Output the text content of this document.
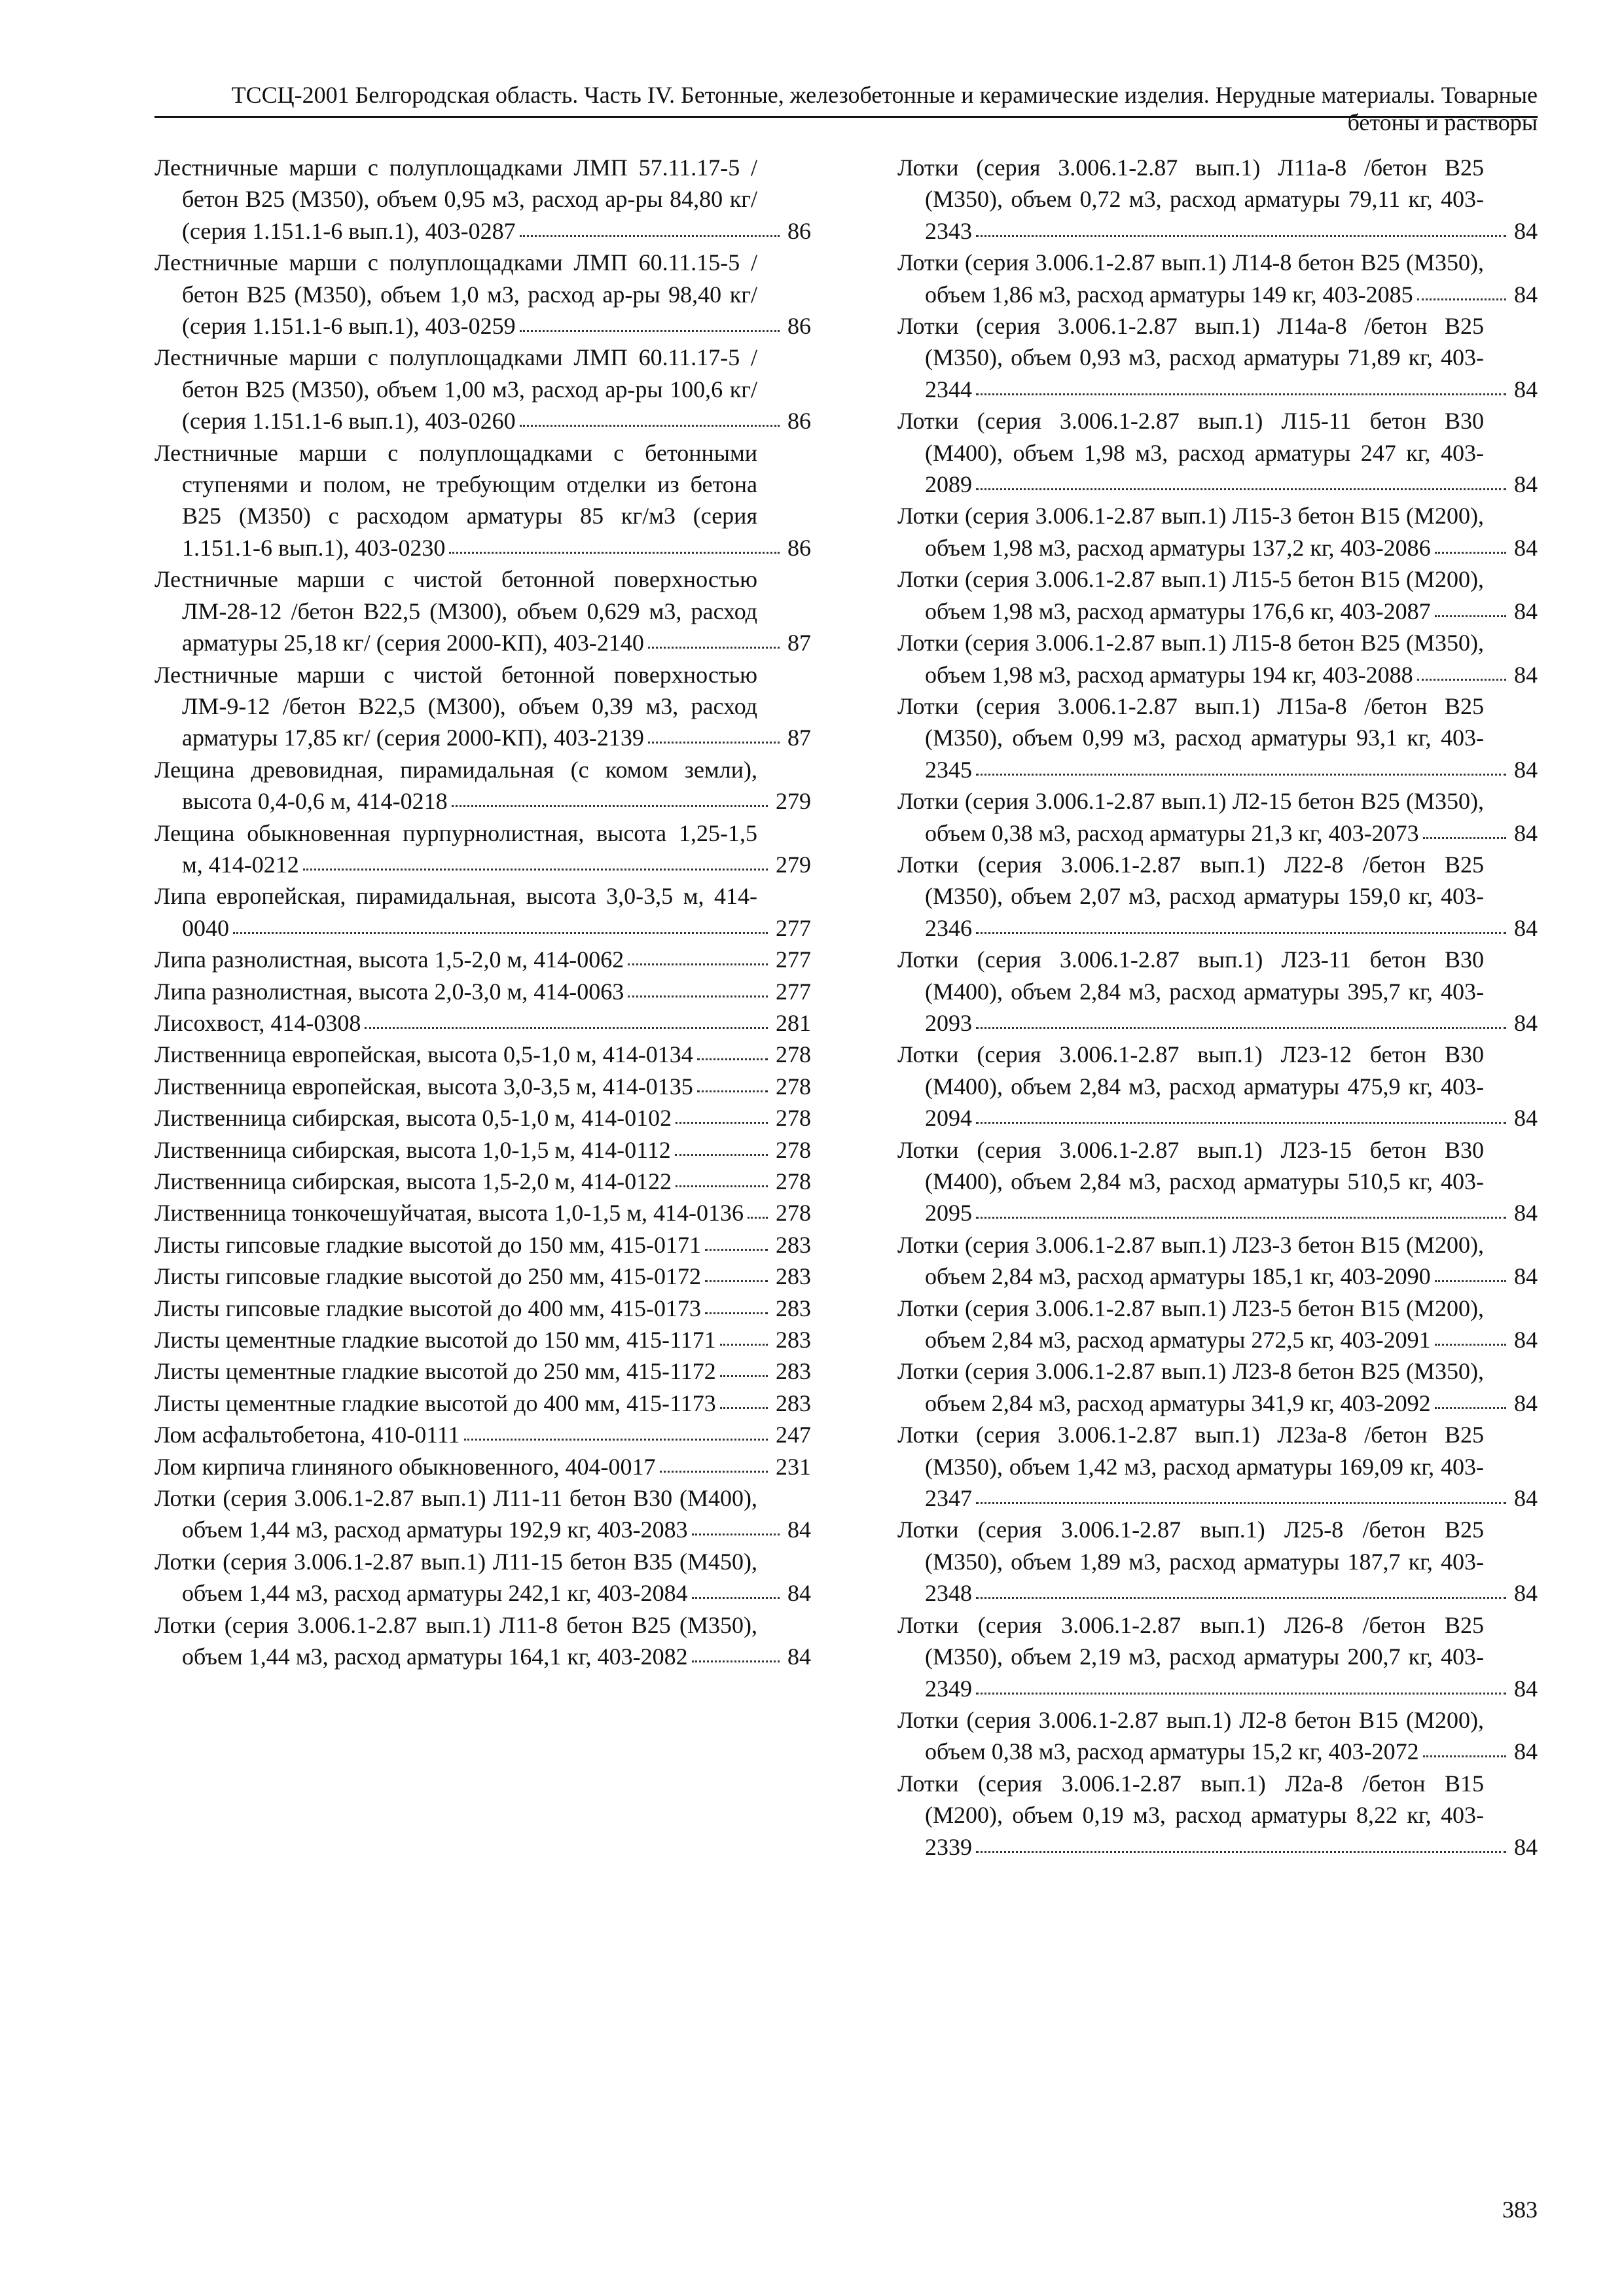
ТССЦ-2001 Белгородская область. Часть IV. Бетонные, железобетонные и керамические изделия. Нерудные материалы. Товарные бетоны и растворы
Лестничные марши с полуплощадками ЛМП 57.11.17-5 /бетон В25 (М350), объем 0,95 м3, расход ар-ры 84,80 кг/ (серия 1.151.1-6 вып.1), 403-0287	86
Лестничные марши с полуплощадками ЛМП 60.11.15-5 /бетон В25 (М350), объем 1,0 м3, расход ар-ры 98,40 кг/ (серия 1.151.1-6 вып.1), 403-0259	86
Лестничные марши с полуплощадками ЛМП 60.11.17-5 /бетон В25 (М350), объем 1,00 м3, расход ар-ры 100,6 кг/ (серия 1.151.1-6 вып.1), 403-0260	86
Лестничные марши с полуплощадками с бетонными ступенями и полом, не требующим отделки из бетона В25 (М350) с расходом арматуры 85 кг/м3 (серия 1.151.1-6 вып.1), 403-0230	86
Лестничные марши с чистой бетонной поверхностью ЛМ-28-12 /бетон В22,5 (М300), объем 0,629 м3, расход арматуры 25,18 кг/ (серия 2000-КП), 403-2140	87
Лестничные марши с чистой бетонной поверхностью ЛМ-9-12 /бетон В22,5 (М300), объем 0,39 м3, расход арматуры 17,85 кг/ (серия 2000-КП), 403-2139	87
Лещина древовидная, пирамидальная (с комом земли), высота 0,4-0,6 м, 414-0218	279
Лещина обыкновенная пурпурнолистная, высота 1,25-1,5 м, 414-0212	279
Липа европейская, пирамидальная, высота 3,0-3,5 м, 414-0040	277
Липа разнолистная, высота 1,5-2,0 м, 414-0062	277
Липа разнолистная, высота 2,0-3,0 м, 414-0063	277
Лисохвост, 414-0308	281
Лиственница европейская, высота 0,5-1,0 м, 414-0134	278
Лиственница европейская, высота 3,0-3,5 м, 414-0135	278
Лиственница сибирская, высота 0,5-1,0 м, 414-0102	278
Лиственница сибирская, высота 1,0-1,5 м, 414-0112	278
Лиственница сибирская, высота 1,5-2,0 м, 414-0122	278
Лиственница тонкочешуйчатая, высота 1,0-1,5 м, 414-0136 278
Листы гипсовые гладкие высотой до 150 мм, 415-0171	283
Листы гипсовые гладкие высотой до 250 мм, 415-0172	283
Листы гипсовые гладкие высотой до 400 мм, 415-0173	283
Листы цементные гладкие высотой до 150 мм, 415-1171	283
Листы цементные гладкие высотой до 250 мм, 415-1172	283
Листы цементные гладкие высотой до 400 мм, 415-1173	283
Лом асфальтобетона, 410-0111	247
Лом кирпича глиняного обыкновенного, 404-0017	231
Лотки (серия 3.006.1-2.87 вып.1) Л11-11 бетон В30 (М400), объем 1,44 м3, расход арматуры 192,9 кг, 403-2083	84
Лотки (серия 3.006.1-2.87 вып.1) Л11-15 бетон В35 (М450), объем 1,44 м3, расход арматуры 242,1 кг, 403-2084	84
Лотки (серия 3.006.1-2.87 вып.1) Л11-8 бетон В25 (М350), объем 1,44 м3, расход арматуры 164,1 кг, 403-2082	84
Лотки (серия 3.006.1-2.87 вып.1) Л11а-8 /бетон В25 (М350), объем 0,72 м3, расход арматуры 79,11 кг, 403-2343	84
Лотки (серия 3.006.1-2.87 вып.1) Л14-8 бетон В25 (М350), объем 1,86 м3, расход арматуры 149 кг, 403-2085	84
Лотки (серия 3.006.1-2.87 вып.1) Л14а-8 /бетон В25 (М350), объем 0,93 м3, расход арматуры 71,89 кг, 403-2344	84
Лотки (серия 3.006.1-2.87 вып.1) Л15-11 бетон В30 (М400), объем 1,98 м3, расход арматуры 247 кг, 403-2089	84
Лотки (серия 3.006.1-2.87 вып.1) Л15-3 бетон В15 (М200), объем 1,98 м3, расход арматуры 137,2 кг, 403-2086	84
Лотки (серия 3.006.1-2.87 вып.1) Л15-5 бетон В15 (М200), объем 1,98 м3, расход арматуры 176,6 кг, 403-2087	84
Лотки (серия 3.006.1-2.87 вып.1) Л15-8 бетон В25 (М350), объем 1,98 м3, расход арматуры 194 кг, 403-2088	84
Лотки (серия 3.006.1-2.87 вып.1) Л15а-8 /бетон В25 (М350), объем 0,99 м3, расход арматуры 93,1 кг, 403-2345	84
Лотки (серия 3.006.1-2.87 вып.1) Л2-15 бетон В25 (М350), объем 0,38 м3, расход арматуры 21,3 кг, 403-2073	84
Лотки (серия 3.006.1-2.87 вып.1) Л22-8 /бетон В25 (М350), объем 2,07 м3, расход арматуры 159,0 кг, 403-2346	84
Лотки (серия 3.006.1-2.87 вып.1) Л23-11 бетон В30 (М400), объем 2,84 м3, расход арматуры 395,7 кг, 403-2093	84
Лотки (серия 3.006.1-2.87 вып.1) Л23-12 бетон В30 (М400), объем 2,84 м3, расход арматуры 475,9 кг, 403-2094	84
Лотки (серия 3.006.1-2.87 вып.1) Л23-15 бетон В30 (М400), объем 2,84 м3, расход арматуры 510,5 кг, 403-2095	84
Лотки (серия 3.006.1-2.87 вып.1) Л23-3 бетон В15 (М200), объем 2,84 м3, расход арматуры 185,1 кг, 403-2090	84
Лотки (серия 3.006.1-2.87 вып.1) Л23-5 бетон В15 (М200), объем 2,84 м3, расход арматуры 272,5 кг, 403-2091	84
Лотки (серия 3.006.1-2.87 вып.1) Л23-8 бетон В25 (М350), объем 2,84 м3, расход арматуры 341,9 кг, 403-2092	84
Лотки (серия 3.006.1-2.87 вып.1) Л23а-8 /бетон В25 (М350), объем 1,42 м3, расход арматуры 169,09 кг, 403-2347	84
Лотки (серия 3.006.1-2.87 вып.1) Л25-8 /бетон В25 (М350), объем 1,89 м3, расход арматуры 187,7 кг, 403-2348	84
Лотки (серия 3.006.1-2.87 вып.1) Л26-8 /бетон В25 (М350), объем 2,19 м3, расход арматуры 200,7 кг, 403-2349	84
Лотки (серия 3.006.1-2.87 вып.1) Л2-8 бетон В15 (М200), объем 0,38 м3, расход арматуры 15,2 кг, 403-2072	84
Лотки (серия 3.006.1-2.87 вып.1) Л2а-8 /бетон В15 (М200), объем 0,19 м3, расход арматуры 8,22 кг, 403-2339	84
383
